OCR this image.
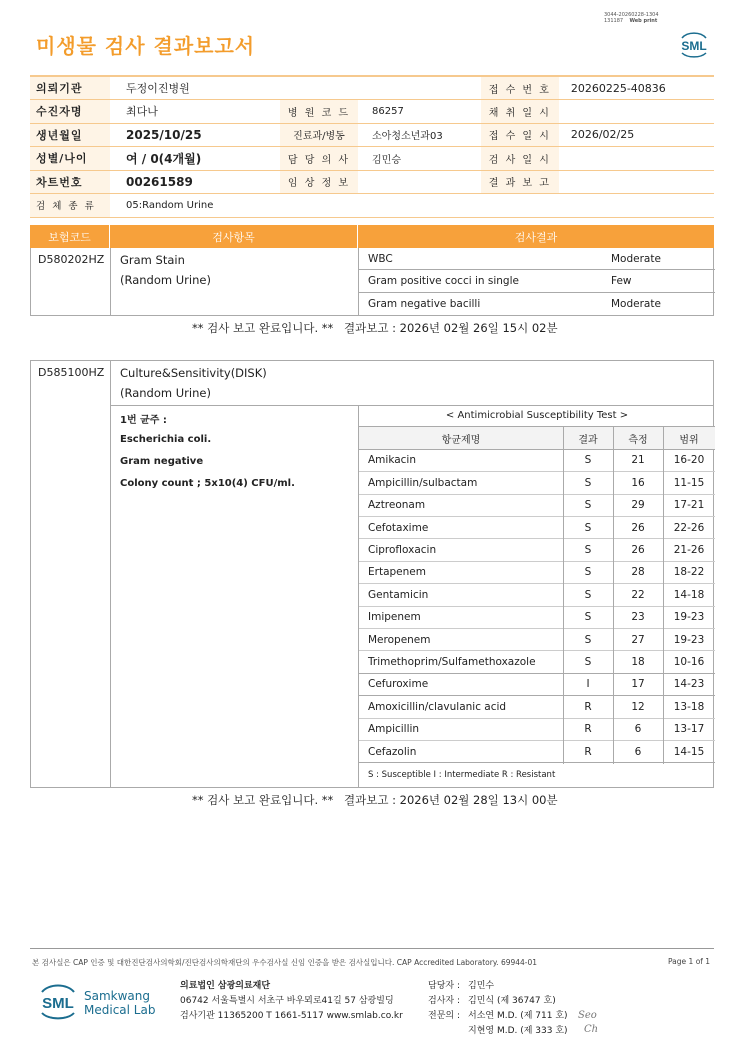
미생물 검사 결과보고서
3044-20260228-1304
131187 Web print
SML
의뢰기관	두정이진병원			접 수 번 호	20260225-40836
수진자명	최다나	병 원 코 드	86257	채 취 일 시	
생년월일	2025/10/25	진료과/병동	소아청소년과03	접 수 일 시	2026/02/25
성별/나이	여 / 0(4개월)	담 당 의 사	김민승	검 사 일 시	
차트번호	00261589	임 상 정 보		결 과 보 고	
검 체 종 류	05:Random Urine				
보험코드	검사항목	검사결과
D580202HZ Gram Stain
(Random Urine)
WBC	Moderate
Gram positive cocci in single	Few
Gram negative bacilli	Moderate
** 검사 보고 완료입니다. ** 결과보고 : 2026년 02월 26일 15시 02분
D585100HZ Culture&Sensitivity(DISK)
(Random Urine)
1번 균주 :
Escherichia coli.
Gram negative
Colony count ; 5x10(4) CFU/ml.
< Antimicrobial Susceptibility Test >
항균제명	결과	측정	범위
Amikacin	S	21	16-20
Ampicillin/sulbactam	S	16	11-15
Aztreonam	S	29	17-21
Cefotaxime	S	26	22-26
Ciprofloxacin	S	26	21-26
Ertapenem	S	28	18-22
Gentamicin	S	22	14-18
Imipenem	S	23	19-23
Meropenem	S	27	19-23
Trimethoprim/Sulfamethoxazole	S	18	10-16
Cefuroxime	I	17	14-23
Amoxicillin/clavulanic acid	R	12	13-18
Ampicillin	R	6	13-17
Cefazolin	R	6	14-15
S : Susceptible I : Intermediate R : Resistant
** 검사 보고 완료입니다. ** 결과보고 : 2026년 02월 28일 13시 00분
본 검사실은 CAP 인증 및 대한진단검사의학회/진단검사의학재단의 우수검사실 신임 인증을 받은 검사실입니다. CAP Accredited Laboratory. 69944-01	Page 1 of 1
SML Samkwang
Medical Lab
의료법인 삼광의료재단
06742 서울특별시 서초구 바우뫼로41길 57 삼광빌딩
검사기관 11365200 T 1661-5117 www.smlab.co.kr
담당자 : 김민수
검사자 : 김민식 (제 36747 호)
전문의 : 서소연 M.D. (제 711 호)
지현영 M.D. (제 333 호)
Seo
Ch
